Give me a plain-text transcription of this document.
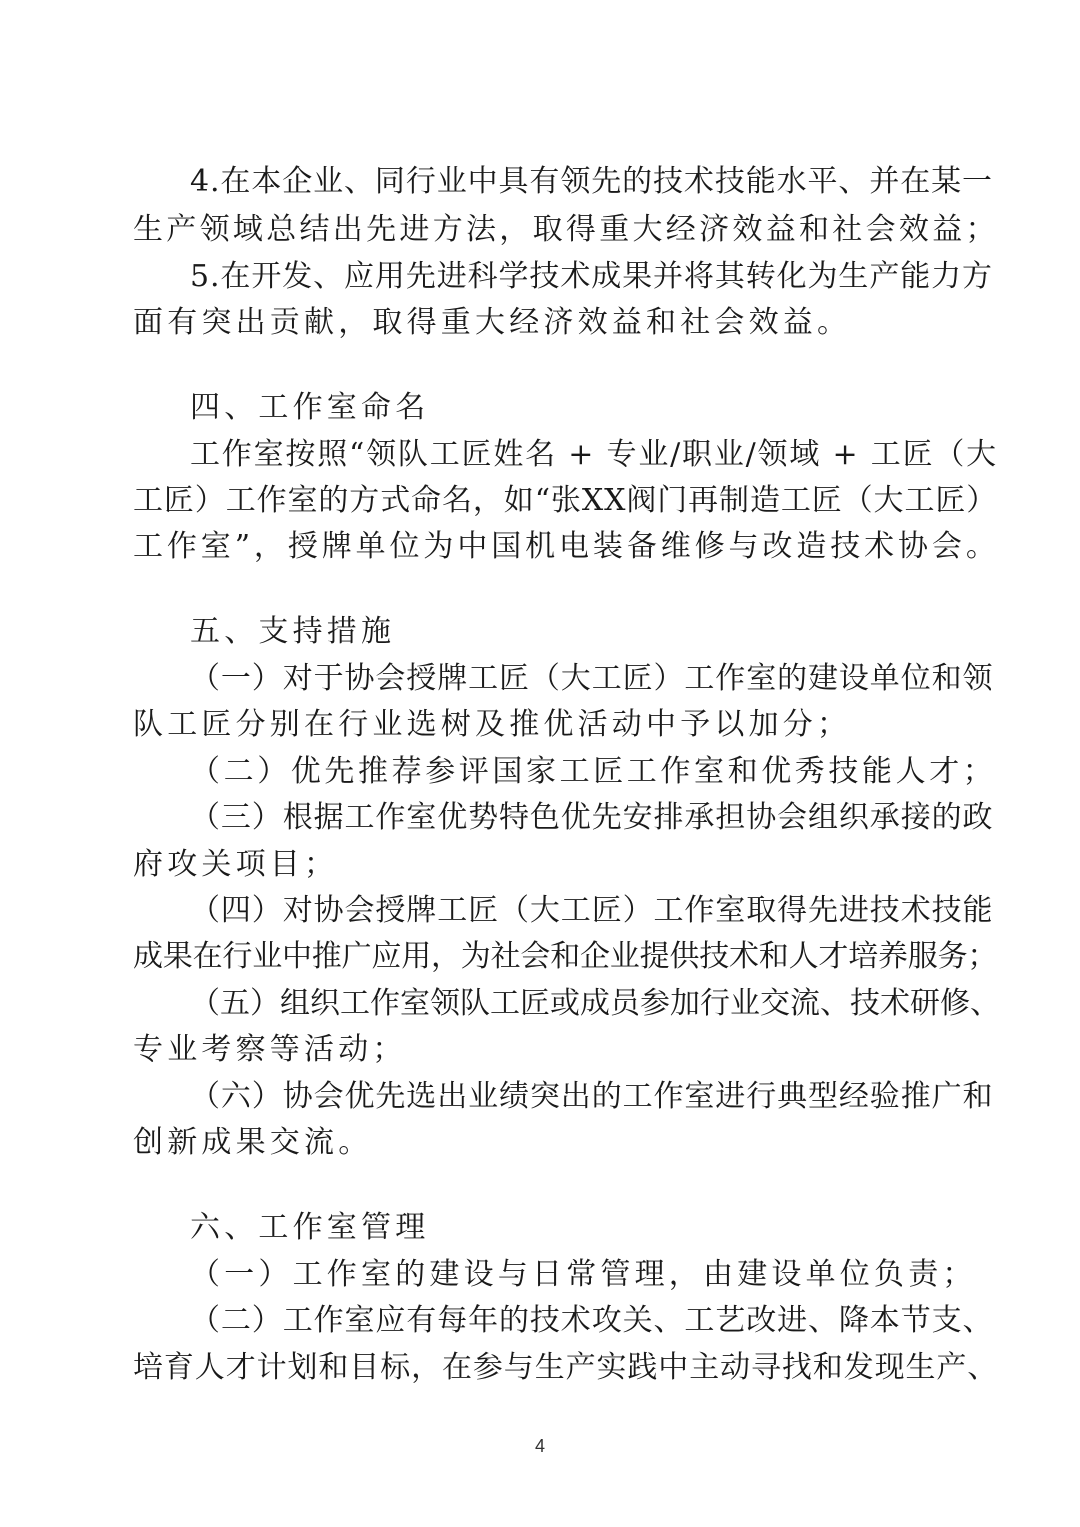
4.在本企业、同行业中具有领先的技术技能水平、并在某一
生产领域总结出先进方法，取得重大经济效益和社会效益；
5.在开发、应用先进科学技术成果并将其转化为生产能力方
面有突出贡献，取得重大经济效益和社会效益。
四、工作室命名
工作室按照“领队工匠姓名 + 专业/职业/领域 + 工匠（大
工匠）工作室的方式命名，如“张XX阀门再制造工匠（大工匠）
工作室”，授牌单位为中国机电装备维修与改造技术协会。
五、支持措施
（一）对于协会授牌工匠（大工匠）工作室的建设单位和领
队工匠分别在行业选树及推优活动中予以加分；
（二）优先推荐参评国家工匠工作室和优秀技能人才；
（三）根据工作室优势特色优先安排承担协会组织承接的政
府攻关项目；
（四）对协会授牌工匠（大工匠）工作室取得先进技术技能
成果在行业中推广应用，为社会和企业提供技术和人才培养服务；
（五）组织工作室领队工匠或成员参加行业交流、技术研修、
专业考察等活动；
（六）协会优先选出业绩突出的工作室进行典型经验推广和
创新成果交流。
六、工作室管理
（一）工作室的建设与日常管理，由建设单位负责；
（二）工作室应有每年的技术攻关、工艺改进、降本节支、
培育人才计划和目标，在参与生产实践中主动寻找和发现生产、
4
